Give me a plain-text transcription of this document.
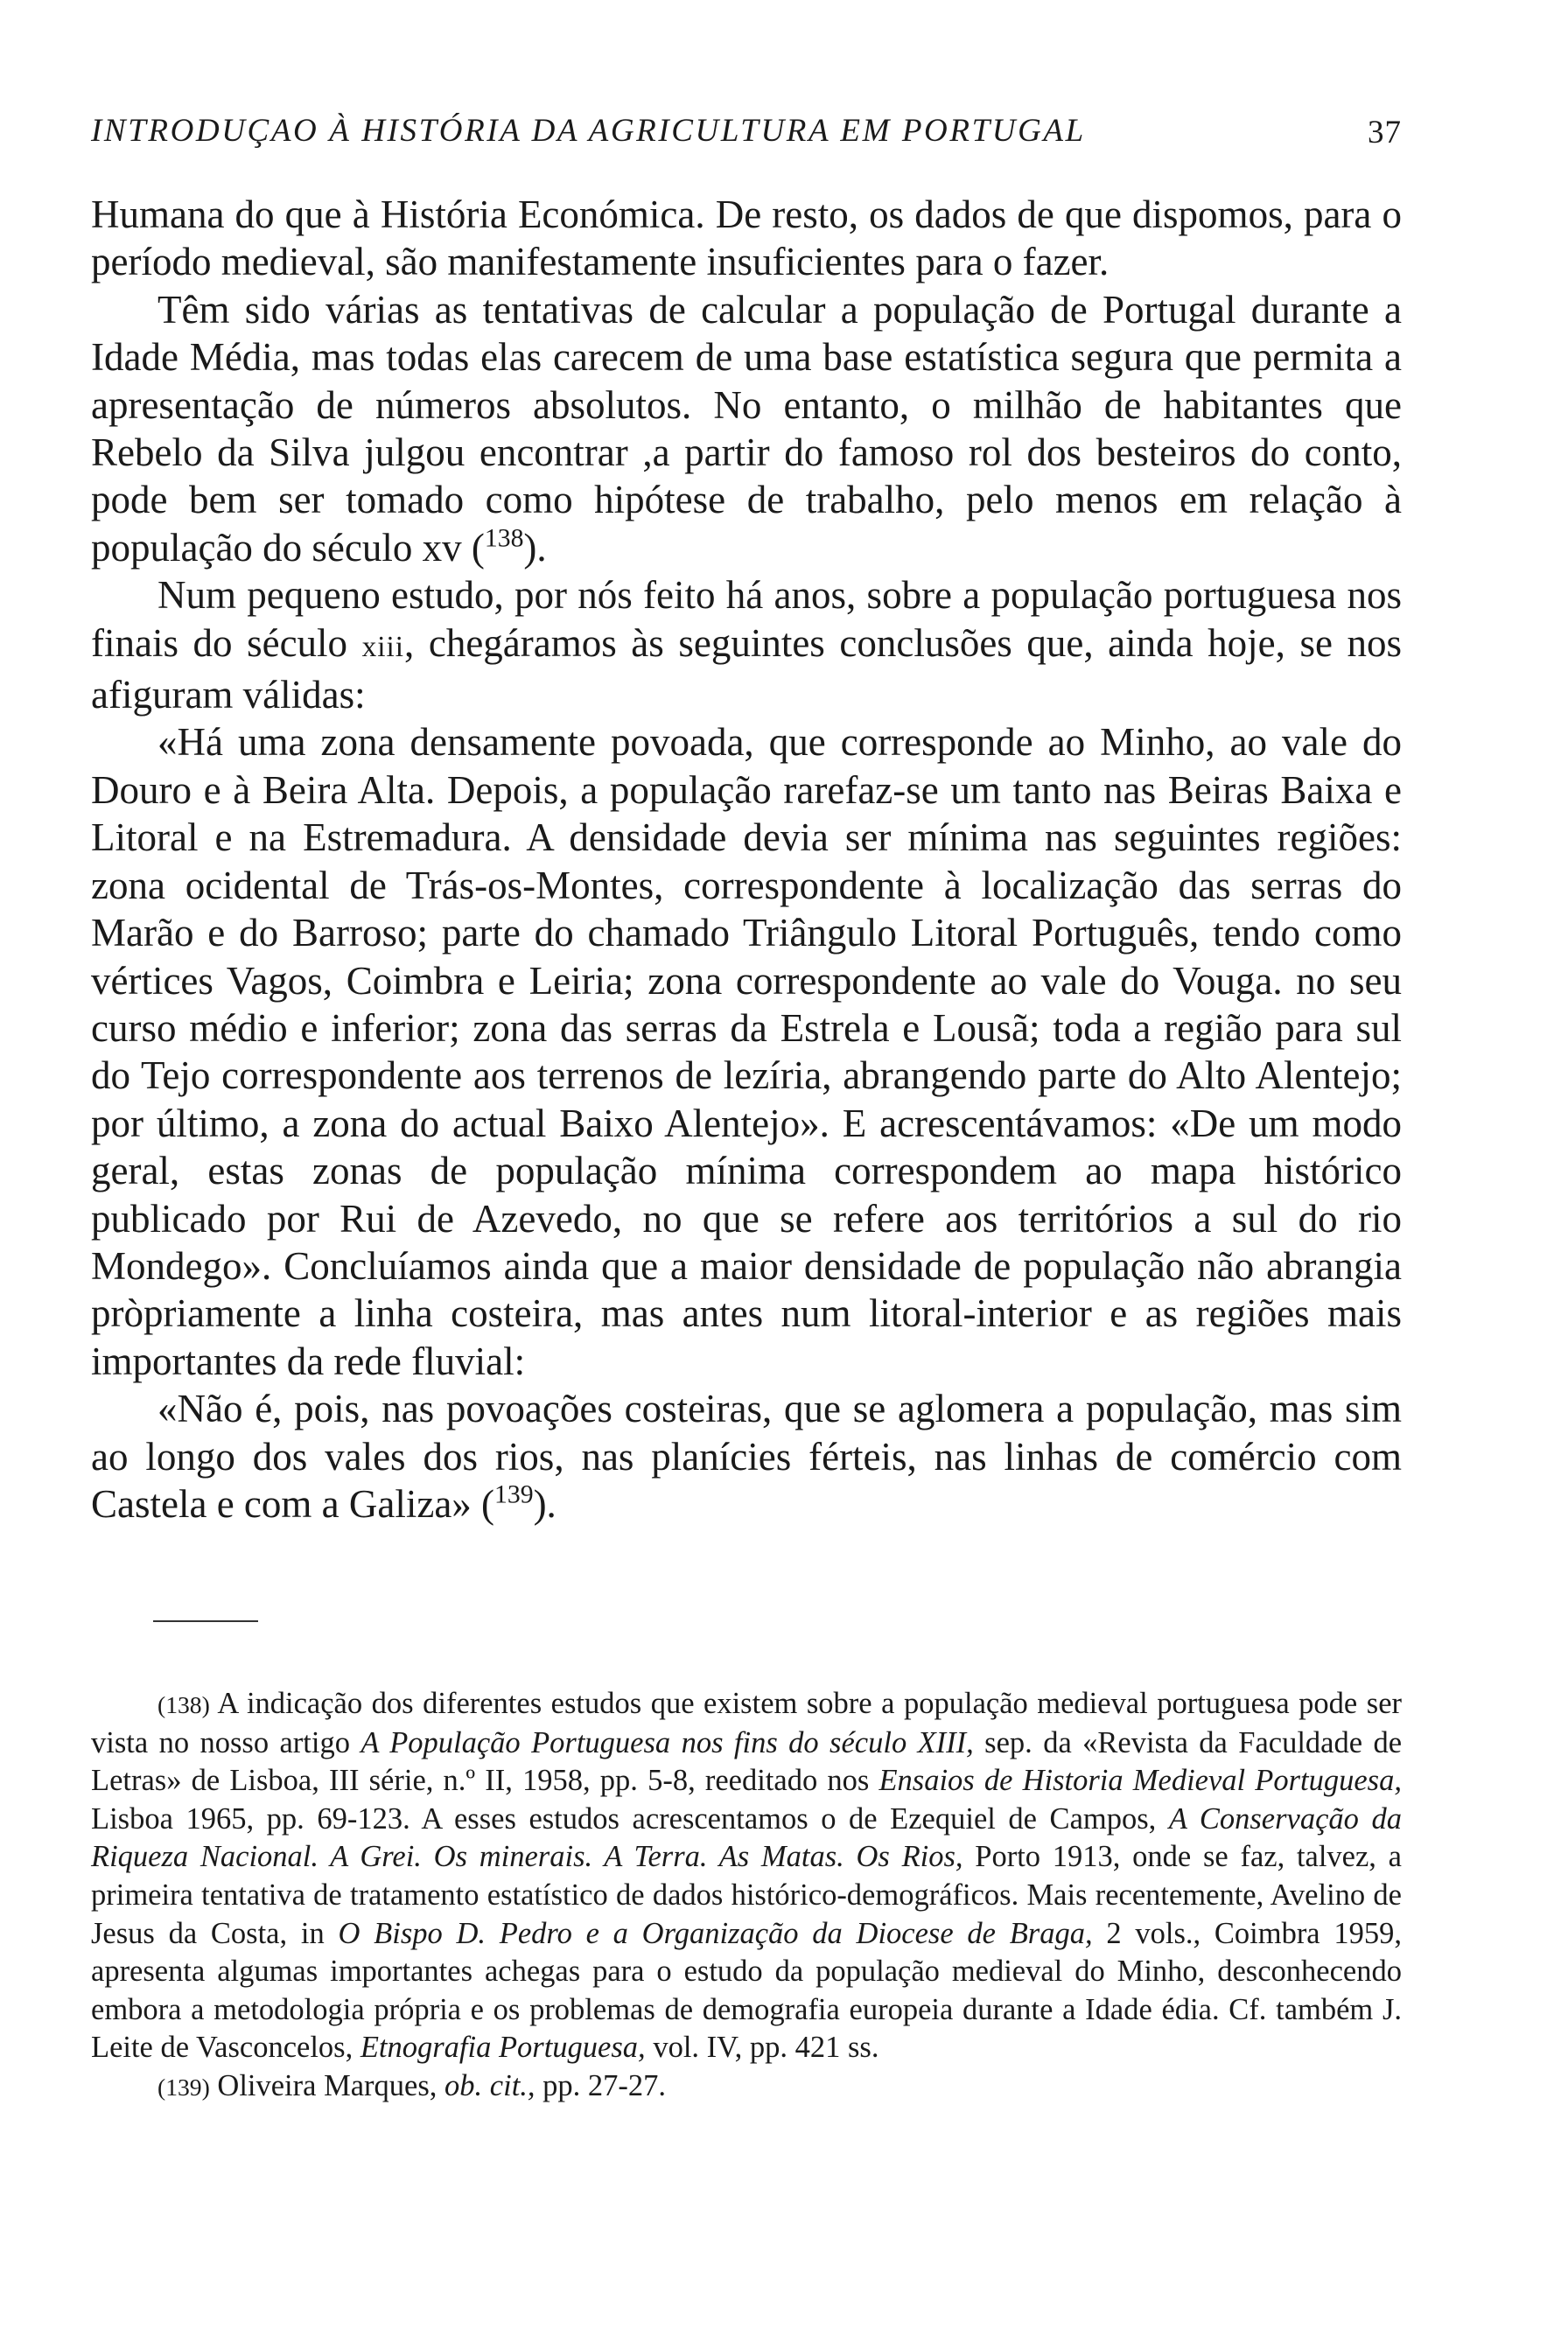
INTRODUÇAO À HISTÓRIA DA AGRICULTURA EM PORTUGAL	37

Humana do que à História Económica. De resto, os dados de que dispomos, para o período medieval, são manifestamente insuficientes para o fazer.

Têm sido várias as tentativas de calcular a população de Portugal durante a Idade Média, mas todas elas carecem de uma base estatística segura que permita a apresentação de números absolutos. No entanto, o milhão de habitantes que Rebelo da Silva julgou encontrar ,a partir do famoso rol dos besteiros do conto, pode bem ser tomado como hipótese de trabalho, pelo menos em relação à população do século xv ($^{138}$).

Num pequeno estudo, por nós feito há anos, sobre a população portuguesa nos finais do século xiii, chegáramos às seguintes conclusões que, ainda hoje, se nos afiguram válidas:

«Há uma zona densamente povoada, que corresponde ao Minho, ao vale do Douro e à Beira Alta. Depois, a população rarefaz-se um tanto nas Beiras Baixa e Litoral e na Estremadura. A densidade devia ser mínima nas seguintes regiões: zona ocidental de Trás-os-Montes, correspondente à localização das serras do Marão e do Barroso; parte do chamado Triângulo Litoral Português, tendo como vértices Vagos, Coimbra e Leiria; zona correspondente ao vale do Vouga. no seu curso médio e inferior; zona das serras da Estrela e Lousã; toda a região para sul do Tejo correspondente aos terrenos de lezíria, abrangendo parte do Alto Alentejo; por último, a zona do actual Baixo Alentejo». E acrescentávamos: «De um modo geral, estas zonas de população mínima correspondem ao mapa histórico publicado por Rui de Azevedo, no que se refere aos territórios a sul do rio Mondego». Concluíamos ainda que a maior densidade de população não abrangia pròpriamente a linha costeira, mas antes num litoral-interior e as regiões mais importantes da rede fluvial:

«Não é, pois, nas povoações costeiras, que se aglomera a população, mas sim ao longo dos vales dos rios, nas planícies férteis, nas linhas de comércio com Castela e com a Galiza» ($^{139}$).

(138) A indicação dos diferentes estudos que existem sobre a população medieval portuguesa pode ser vista no nosso artigo A População Portuguesa nos fins do século XIII, sep. da «Revista da Faculdade de Letras» de Lisboa, III série, n.º II, 1958, pp. 5-8, reeditado nos Ensaios de Historia Medieval Portuguesa, Lisboa 1965, pp. 69-123. A esses estudos acrescentamos o de Ezequiel de Campos, A Conservação da Riqueza Nacional. A Grei. Os minerais. A Terra. As Matas. Os Rios, Porto 1913, onde se faz, talvez, a primeira tentativa de tratamento estatístico de dados histórico-demográficos. Mais recentemente, Avelino de Jesus da Costa, in O Bispo D. Pedro e a Organização da Diocese de Braga, 2 vols., Coimbra 1959, apresenta algumas importantes achegas para o estudo da população medieval do Minho, desconhecendo embora a metodologia própria e os problemas de demografia europeia durante a Idade édia. Cf. também J. Leite de Vasconcelos, Etnografia Portuguesa, vol. IV, pp. 421 ss.

(139) Oliveira Marques, ob. cit., pp. 27-27.
